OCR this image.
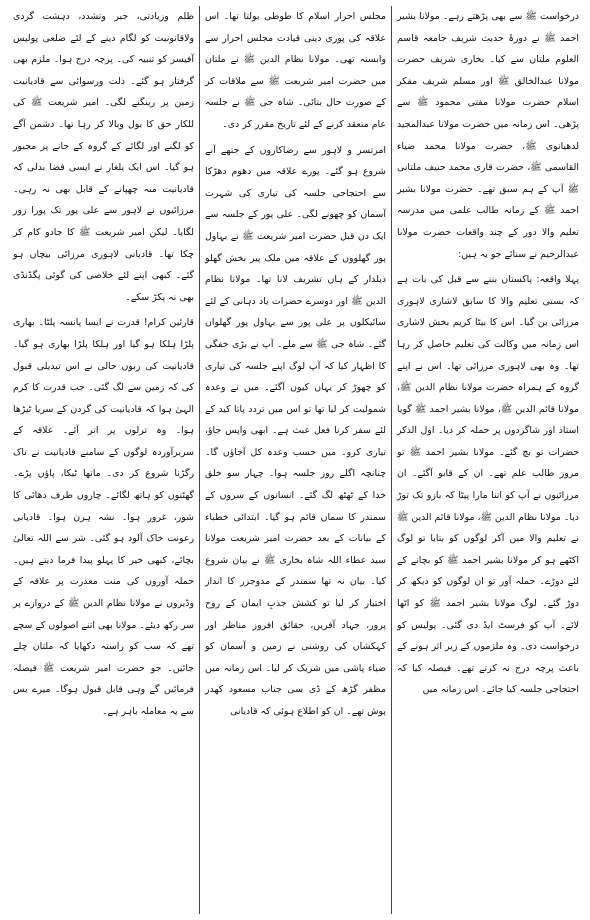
درخواست ﷺ سے بھی پڑھتے رہے۔ مولانا بشیر احمد ﷺ نے دورۂ حدیث شریف جامعہ قاسم العلوم ملتان سے کیا۔ بخاری شریف حضرت مولانا عبدالخالق ﷺ اور مسلم شریف مفکر اسلام حضرت مولانا مفتی محمود ﷺ سے پڑھی۔ اس زمانہ میں حضرت مولانا عبدالمجید لدھیانوی ﷺ، حضرت مولانا محمد ضیاء القاسمی ﷺ، حضرت قاری محمد حنیف ملتانی ﷺ آپ کے ہم سبق تھے۔ حضرت مولانا بشیر احمد ﷺ کے زمانہ طالب علمی میں مدرسہ تعلیم والا دور کے چند واقعات حضرت مولانا عبدالرحیم نے سنائے جو یہ ہیں:

پہلا واقعہ: پاکستان بننے سے قبل کی بات ہے کہ بستی تعلیم والا کا سابق لاشاری لاہوری مرزائی بن گیا۔ اس کا بیٹا کریم بخش لاشاری اس زمانہ میں وکالت کی تعلیم حاصل کر رہا تھا۔ وہ بھی لاہوری مرزائی تھا۔ اس نے اپنے گروہ کے ہمراہ حضرت مولانا نظام الدین ﷺ، مولانا قائم الدین ﷺ، مولانا بشیر احمد ﷺ گویا استاذ اور شاگردوں پر حملہ کر دیا۔ اول الذکر حضرات تو بچ گئے۔ مولانا بشیر احمد ﷺ تو مروز طالب علم تھے۔ ان کے قابو آگئے۔ ان مرزائیوں نے آپ کو اتنا مارا پیٹا کہ بازو تک توڑ دیا۔ مولانا نظام الدین ﷺ، مولانا قائم الدین ﷺ نے تعلیم والا میں آکر لوگوں کو بتایا تو لوگ اکٹھے ہو کر مولانا بشیر احمد ﷺ کو بچانے کے لئے دوڑے۔ حملہ آور تو ان لوگوں کو دیکھ کر دوڑ گئے۔ لوگ مولانا بشیر احمد ﷺ کو اٹھا لائے۔ آپ کو فرسٹ ایڈ دی گئی۔ پولیس کو درخواست دی۔ وہ ملزموں کے زیر اثر ہونے کے باعث پرچہ درج نہ کرتے تھے۔ فیصلہ کیا کہ احتجاجی جلسہ کیا جائے۔ اس زمانہ میں

مجلس احرار اسلام کا طوطی بولتا تھا۔ اس علاقہ کی پوری دینی قیادت مجلس احرار سے وابستہ تھی۔ مولانا نظام الدین ﷺ نے ملتان میں حضرت امیر شریعت ﷺ سے ملاقات کر کے صورت حال بتائی۔ شاہ جی ﷺ نے جلسہ عام منعقد کرنے کے لئے تاریخ مقرر کر دی۔

امرتسر و لاہور سے رضاکاروں کے جتھے آنے شروع ہو گئے۔ پورے علاقہ میں دھوم دھڑکا سے احتجاجی جلسہ کی تیاری کی شہرت آسمان کو چھونے لگی۔ علی پور کے جلسہ سے ایک دن قبل حضرت امیر شریعت ﷺ نے بہاول پور گھلووں کے علاقہ میں ملک پیر بخش گھلو ذیلدار کے ہاں تشریف لانا تھا۔ مولانا نظام الدین ﷺ اور دوسرے حضرات یاد دہانی کے لئے سائیکلوں پر علی پور سے بہاول پور گھلواں گئے۔ شاہ جی ﷺ سے ملے۔ آپ نے بڑی خفگی کا اظہار کیا کہ آپ لوگ اپنے جلسہ کی تیاری کو چھوڑ کر یہاں کیوں آگئے۔ میں نے وعدہ شمولیت کر لیا تھا تو اس میں تردد پاتا کید کے لئے سفر کرنا فعل عبث ہے۔ ابھی واپس جاؤ، تیاری کرو۔ میں حسب وعدہ کل آجاؤں گا۔ چنانچہ اگلے روز جلسہ ہوا۔ چہار سو خلق خدا کے ٹھٹھ لگ گئے۔ انسانوں کے سروں کے سمندر کا سماں قائم ہو گیا۔ ابتدائی خطباء کے بیانات کے بعد حضرت امیر شریعت مولانا سید عطاء اللہ شاہ بخاری ﷺ نے بیان شروع کیا۔ بیان نہ تھا سمندر کے مدوجزر کا انداز اختیار کر لیا تو کشش جذبِ ایمان کے روح پرور، جہاد آفریں، حقائق افروز مناظر اور کہکشاں کی روشنی نے زمین و آسمان کو ضیاء پاشی میں شریک کر لیا۔ اس زمانہ میں مظفر گڑھ کے ڈی سی جناب مسعود کھدر پوش تھے۔ ان کو اطلاع ہوئی کہ قادیانی

ظلم وزیادتی، جبر وتشدد، دہشت گردی ولاقانونیت کو لگام دینے کے لئے ضلعی پولیس آفیسر کو تنبیہ کی۔ پرچہ درج ہوا۔ ملزم بھی گرفتار ہو گئے۔ ذلت ورسوائی سے قادیانیت زمین پر رینگنے لگی۔ امیر شریعت ﷺ کی للکار حق کا بول وبالا کر رہا تھا۔ دشمن آگے کو لگنے اور لگائے کے گروہ کے جانے پر مجبور ہو گیا۔ اس ایک یلغار نے ایسی فضا بدلی کہ قادیانیت منہ چھپانے کے قابل بھی نہ رہی۔ مرزائیوں نے لاہور سے علی پور تک پورا زور لگایا۔ لیکن امیر شریعت ﷺ کا جادو کام کر چکا تھا۔ قادیانی لاہوری مرزائی بیچاں ہو گئے۔ کبھی اپنے لئے خلاصی کی گوئی پگڈنڈی بھی نہ پکڑ سکے۔

قارئین کرام! قدرت نے ایسا پانسہ پلٹا۔ بھاری پلڑا ہلکا ہو گیا اور ہلکا پلڑا بھاری ہو گیا۔ قادیانیت کی زبوں حالی نے اس تبدیلی قبول کی کہ زمین سے لگ گئی۔ جب قدرت کا کرم الہیٰ ہوا کہ قادیانیت کی گردن کے سریا ٹیڑھا ہوا۔ وہ ترلوں پر اتر آئے۔ علاقہ کے سربرآوردہ لوگوں کے سامنے قادیانیت نے ناک رگڑنا شروع کر دی۔ ماتھا ٹیکا، پاؤں پڑے۔ گھٹنوں کو ہاتھ لگائے۔ چاروں طرف دھائی کا شور، غرور ہوا۔ نشہ ہرن ہوا۔ قادیانی رعونت خاک آلود ہو گئی۔ شر سے اللہ تعالیٰ بچائے، کبھی خیر کا پہلو پیدا فرما دیتے ہیں۔ حملہ آوروں کی منت معذرت پر علاقہ کے وڈیروں نے مولانا نظام الدین ﷺ کے دروازے پر سر رکھ دیئے۔ مولانا بھی اتنے اصولوں کے سچے تھے کہ سب کو راستہ دکھایا کہ ملتان چلے جائیں۔ جو حضرت امیر شریعت ﷺ فیصلہ فرمائیں گے وہی قابل قبول ہوگا۔ میرے بس سے یہ معاملہ باہر ہے۔
